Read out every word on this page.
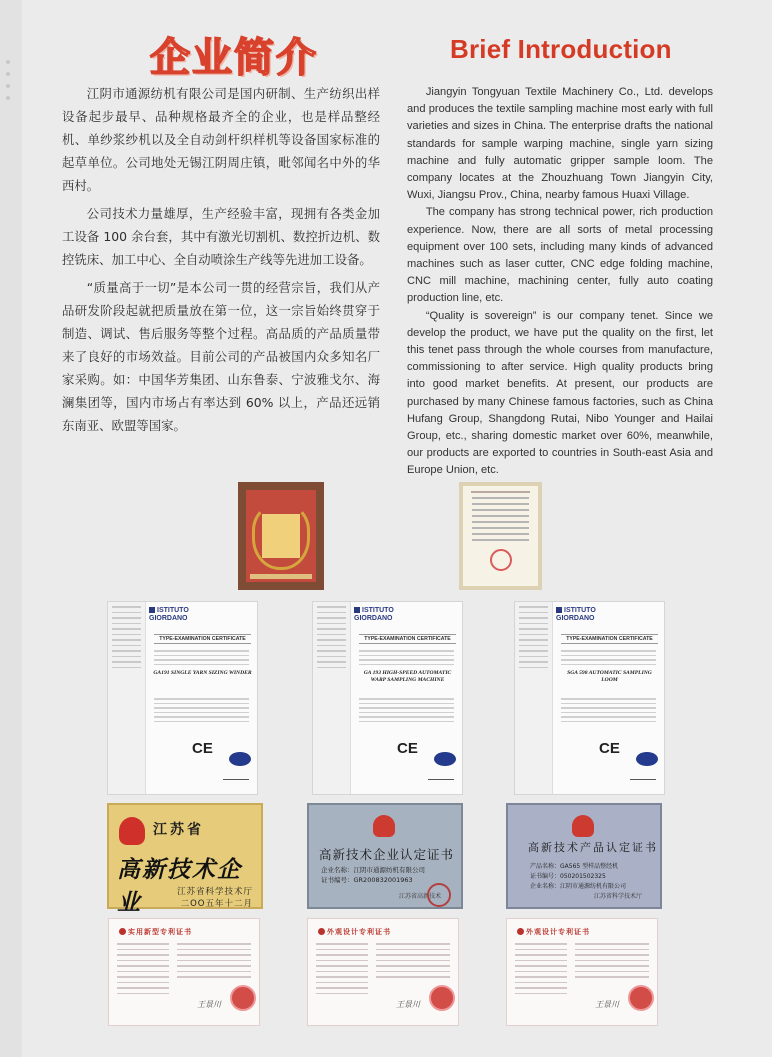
企业简介	Brief Introduction

江阴市通源纺机有限公司是国内研制、生产纺织出样设备起步最早、品种规格最齐全的企业，也是样品整经机、单纱浆纱机以及全自动剑杆织样机等设备国家标准的起草单位。公司地处无锡江阴周庄镇，毗邻闻名中外的华西村。

公司技术力量雄厚，生产经验丰富，现拥有各类金加工设备 100 余台套，其中有激光切割机、数控折边机、数控铣床、加工中心、全自动喷涂生产线等先进加工设备。

“质量高于一切”是本公司一贯的经营宗旨，我们从产品研发阶段起就把质量放在第一位，这一宗旨始终贯穿于制造、调试、售后服务等整个过程。高品质的产品质量带来了良好的市场效益。目前公司的产品被国内众多知名厂家采购。如：中国华芳集团、山东鲁泰、宁波雅戈尔、海澜集团等，国内市场占有率达到 60% 以上，产品还远销东南亚、欧盟等国家。

Jiangyin Tongyuan Textile Machinery Co., Ltd. develops and produces the textile sampling machine most early with full varieties and sizes in China. The enterprise drafts the national standards for sample warping machine, single yarn sizing machine and fully automatic gripper sample loom. The company locates at the Zhouzhuang Town Jiangyin City, Wuxi, Jiangsu Prov., China, nearby famous Huaxi Village.

The company has strong technical power, rich production experience. Now, there are all sorts of metal processing equipment over 100 sets, including many kinds of advanced machines such as laser cutter, CNC edge folding machine, CNC mill machine, machining center, fully auto coating production line, etc.

“Quality is sovereign” is our company tenet. Since we develop the product, we have put the quality on the first, let this tenet pass through the whole courses from manufacture, commissioning to after service. High quality products bring into good market benefits. At present, our products are purchased by many Chinese famous factories, such as China Hufang Group, Shangdong Rutai, Nibo Younger and Hailai Group, etc., sharing domestic market over 60%, meanwhile, our products are exported to countries in South-east Asia and Europe Union, etc.

ISTITUTO
GIORDANO
TYPE-EXAMINATION CERTIFICATE
GA191 SINGLE YARN SIZING WINDER
CE
ISTITUTO
GIORDANO
TYPE-EXAMINATION CERTIFICATE
GA 193 HIGH-SPEED AUTOMATIC WARP SAMPLING MACHINE
CE
ISTITUTO
GIORDANO
TYPE-EXAMINATION CERTIFICATE
SGA 598 AUTOMATIC SAMPLING LOOM
CE
江苏省
高新技术企业	江苏省科学技术厅
二OO五年十二月
高新技术企业认定证书
企业名称：江阴市通源纺机有限公司
证书编号：GR200832001963
江苏省高新技术
高新技术产品认定证书
产品名称：GA565 型样品整经机
证书编号：050201502325
企业名称：江阴市通源纺机有限公司
江苏省科学技术厅
实用新型专利证书
王景川
外观设计专利证书
王景川
外观设计专利证书
王景川
